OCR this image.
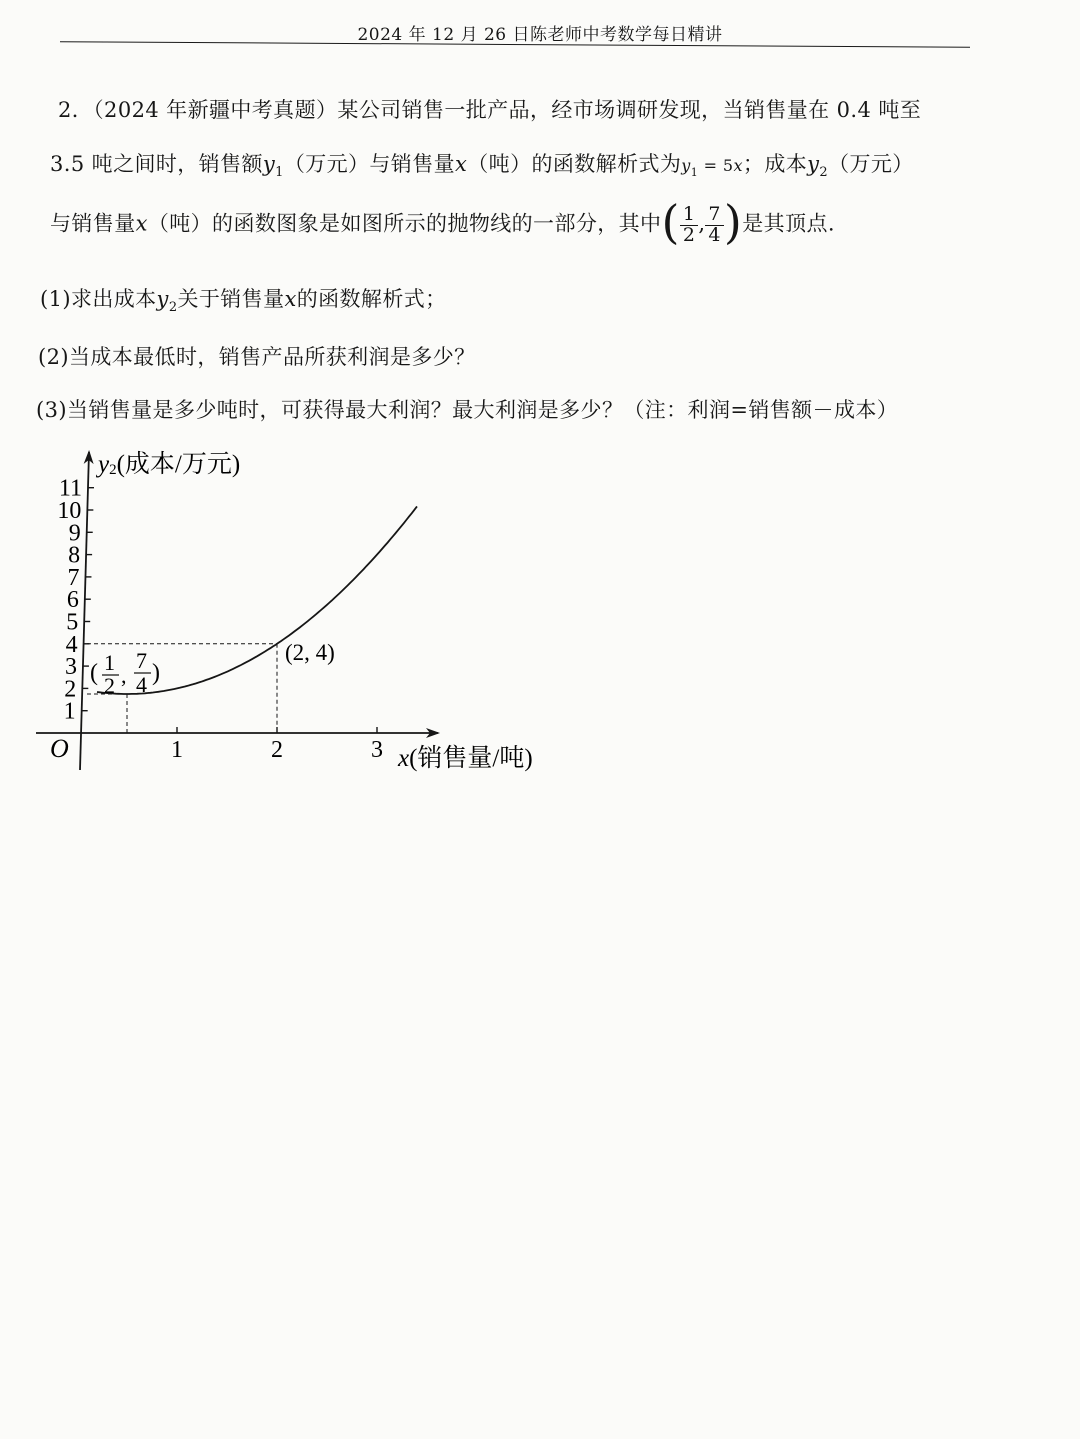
2024 年 12 月 26 日陈老师中考数学每日精讲
2．（2024 年新疆中考真题）某公司销售一批产品，经市场调研发现，当销售量在 0.4 吨至
3.5 吨之间时，销售额$y_1$（万元）与销售量x（吨）的函数解析式为$y_1 = 5x$；成本$y_2$（万元）
与销售量x（吨）的函数图象是如图所示的抛物线的一部分，其中( $\frac{1}{2}$ , $\frac{7}{4}$ )是其顶点.
(1)求出成本$y_2$关于销售量x的函数解析式；
(2)当成本最低时，销售产品所获利润是多少？
(3)当销售量是多少吨时，可获得最大利润？最大利润是多少？（注：利润=销售额－成本）
1
2
3
4
5
6
7
8
9
10
11
1	2	3
O
y2(成本/万元)
x(销售量/吨)
( 1
2 ,
7
4 )
(2, 4)
